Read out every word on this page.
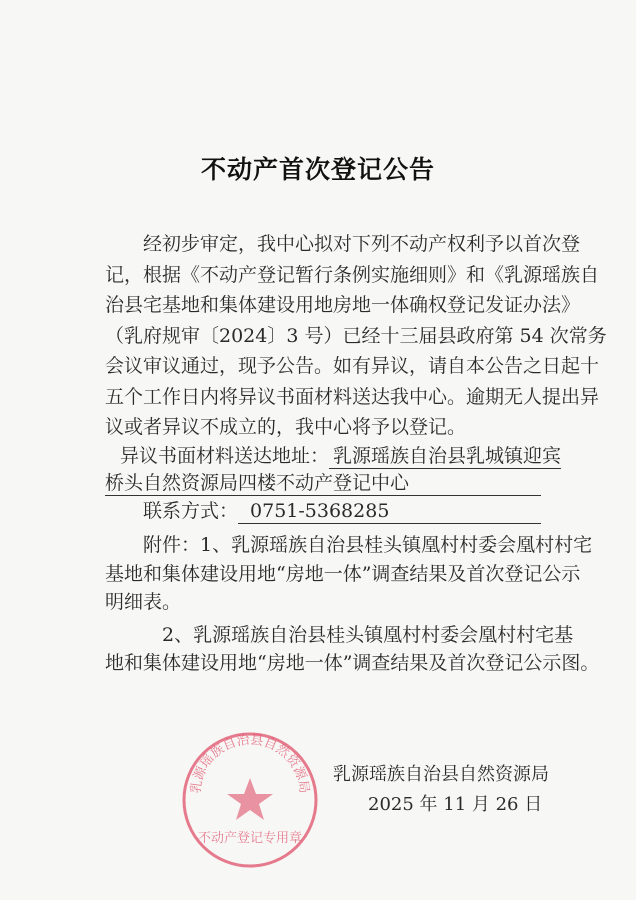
不动产首次登记公告
经初步审定，我中心拟对下列不动产权利予以首次登
记，根据《不动产登记暂行条例实施细则》和《乳源瑶族自
治县宅基地和集体建设用地房地一体确权登记发证办法》
（乳府规审〔2024〕3 号）已经十三届县政府第 54 次常务
会议审议通过，现予公告。如有异议，请自本公告之日起十
五个工作日内将异议书面材料送达我中心。逾期无人提出异
议或者异议不成立的，我中心将予以登记。
异议书面材料送达地址： 乳源瑶族自治县乳城镇迎宾
桥头自然资源局四楼不动产登记中心
联系方式： 0751-5368285
附件：1、乳源瑶族自治县桂头镇凰村村委会凰村村宅
基地和集体建设用地“房地一体”调查结果及首次登记公示
明细表。
2、乳源瑶族自治县桂头镇凰村村委会凰村村宅基
地和集体建设用地“房地一体”调查结果及首次登记公示图。
乳源瑶族自治县自然资源局
不动产登记专用章
乳源瑶族自治县自然资源局
2025 年 11 月 26 日
